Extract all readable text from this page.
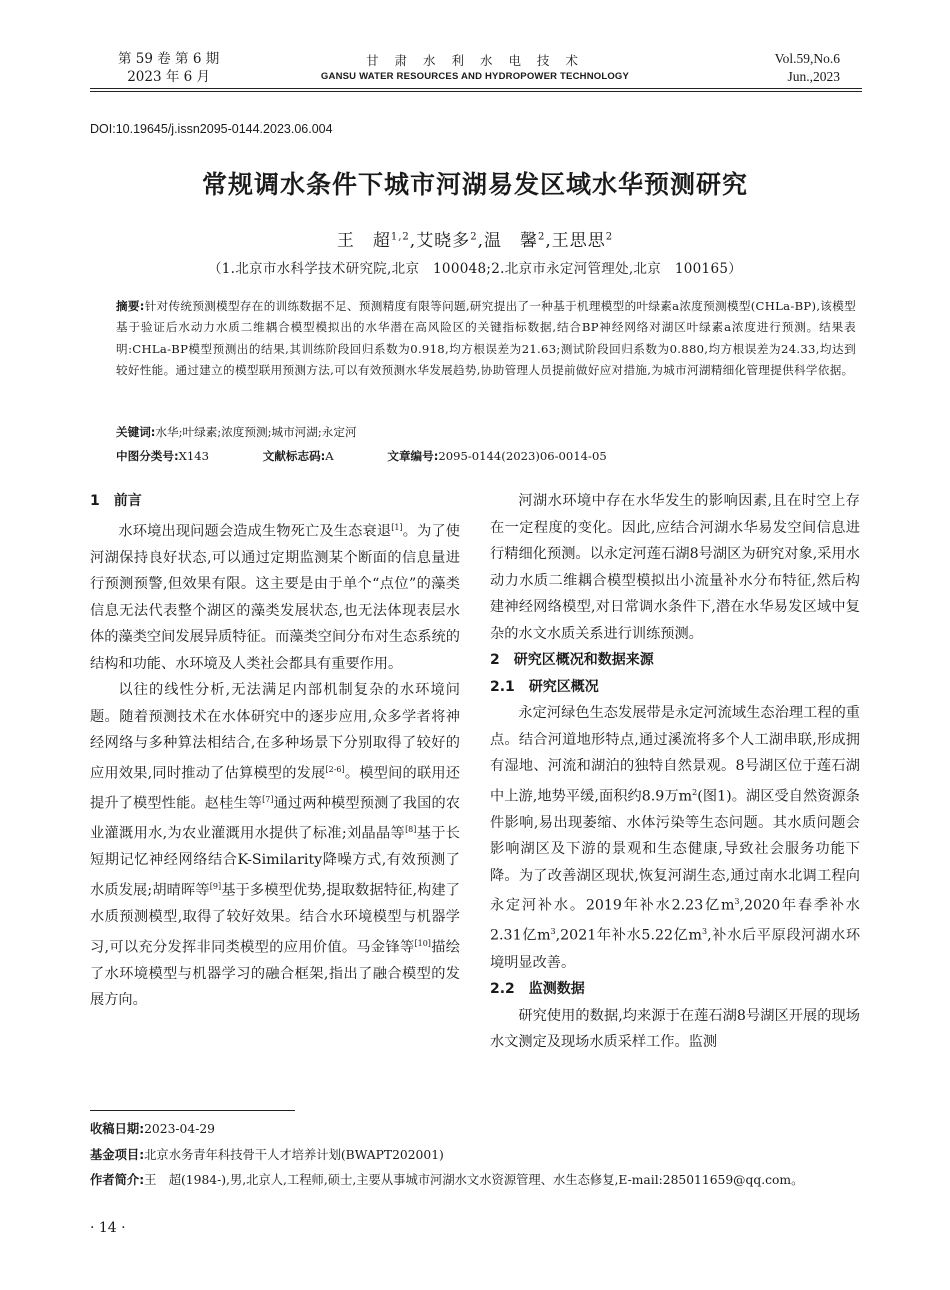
第 59 卷 第 6 期
2023 年 6 月
甘 肃 水 利 水 电 技 术
GANSU WATER RESOURCES AND HYDROPOWER TECHNOLOGY
Vol.59,No.6
Jun.,2023
DOI:10.19645/j.issn2095-0144.2023.06.004
常规调水条件下城市河湖易发区域水华预测研究
王　超$^{1,2}$,艾晓多$^2$,温　馨$^2$,王思思$^2$
（1.北京市水科学技术研究院,北京　100048;2.北京市永定河管理处,北京　100165）
摘要:针对传统预测模型存在的训练数据不足、预测精度有限等问题,研究提出了一种基于机理模型的叶绿素a浓度预测模型(CHLa-BP),该模型基于验证后水动力水质二维耦合模型模拟出的水华潜在高风险区的关键指标数据,结合BP神经网络对湖区叶绿素a浓度进行预测。结果表明:CHLa-BP模型预测出的结果,其训练阶段回归系数为0.918,均方根误差为21.63;测试阶段回归系数为0.880,均方根误差为24.33,均达到较好性能。通过建立的模型联用预测方法,可以有效预测水华发展趋势,协助管理人员提前做好应对措施,为城市河湖精细化管理提供科学依据。
关键词:水华;叶绿素;浓度预测;城市河湖;永定河
中图分类号:X143	文献标志码:A	文章编号:2095-0144(2023)06-0014-05
1　前言

水环境出现问题会造成生物死亡及生态衰退[1]。为了使河湖保持良好状态,可以通过定期监测某个断面的信息量进行预测预警,但效果有限。这主要是由于单个“点位”的藻类信息无法代表整个湖区的藻类发展状态,也无法体现表层水体的藻类空间发展异质特征。而藻类空间分布对生态系统的结构和功能、水环境及人类社会都具有重要作用。

以往的线性分析,无法满足内部机制复杂的水环境问题。随着预测技术在水体研究中的逐步应用,众多学者将神经网络与多种算法相结合,在多种场景下分别取得了较好的应用效果,同时推动了估算模型的发展[2-6]。模型间的联用还提升了模型性能。赵桂生等[7]通过两种模型预测了我国的农业灌溉用水,为农业灌溉用水提供了标准;刘晶晶等[8]基于长短期记忆神经网络结合K-Similarity降噪方式,有效预测了水质发展;胡晴晖等[9]基于多模型优势,提取数据特征,构建了水质预测模型,取得了较好效果。结合水环境模型与机器学习,可以充分发挥非同类模型的应用价值。马金锋等[10]描绘了水环境模型与机器学习的融合框架,指出了融合模型的发展方向。

河湖水环境中存在水华发生的影响因素,且在时空上存在一定程度的变化。因此,应结合河湖水华易发空间信息进行精细化预测。以永定河莲石湖8号湖区为研究对象,采用水动力水质二维耦合模型模拟出小流量补水分布特征,然后构建神经网络模型,对日常调水条件下,潜在水华易发区域中复杂的水文水质关系进行训练预测。

2　研究区概况和数据来源
2.1　研究区概况

永定河绿色生态发展带是永定河流域生态治理工程的重点。结合河道地形特点,通过溪流将多个人工湖串联,形成拥有湿地、河流和湖泊的独特自然景观。8号湖区位于莲石湖中上游,地势平缓,面积约8.9万$m^2$(图1)。湖区受自然资源条件影响,易出现萎缩、水体污染等生态问题。其水质问题会影响湖区及下游的景观和生态健康,导致社会服务功能下降。为了改善湖区现状,恢复河湖生态,通过南水北调工程向永定河补水。2019年补水2.23亿$m^3,2020$年春季补水2.31亿$m^3,2021$年补水5.22亿$m^3$,补水后平原段河湖水环境明显改善。

2.2　监测数据

研究使用的数据,均来源于在莲石湖8号湖区开展的现场水文测定及现场水质采样工作。监测

收稿日期:2023-04-29
基金项目:北京水务青年科技骨干人才培养计划(BWAPT202001)
作者简介:王　超(1984-),男,北京人,工程师,硕士,主要从事城市河湖水文水资源管理、水生态修复,E-mail:285011659@qq.com。
· 14 ·
